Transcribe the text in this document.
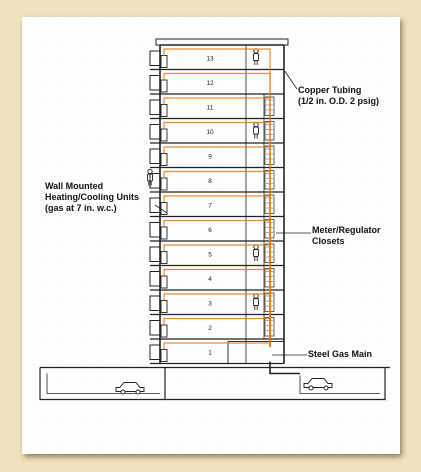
13
12
11
10
9
8
7
6
5
4
3
2
1
Copper Tubing
(1/2 in. O.D. 2 psig)
Wall Mounted
Heating/Cooling Units
(gas at 7 in. w.c.)
Meter/Regulator
Closets
Steel Gas Main
